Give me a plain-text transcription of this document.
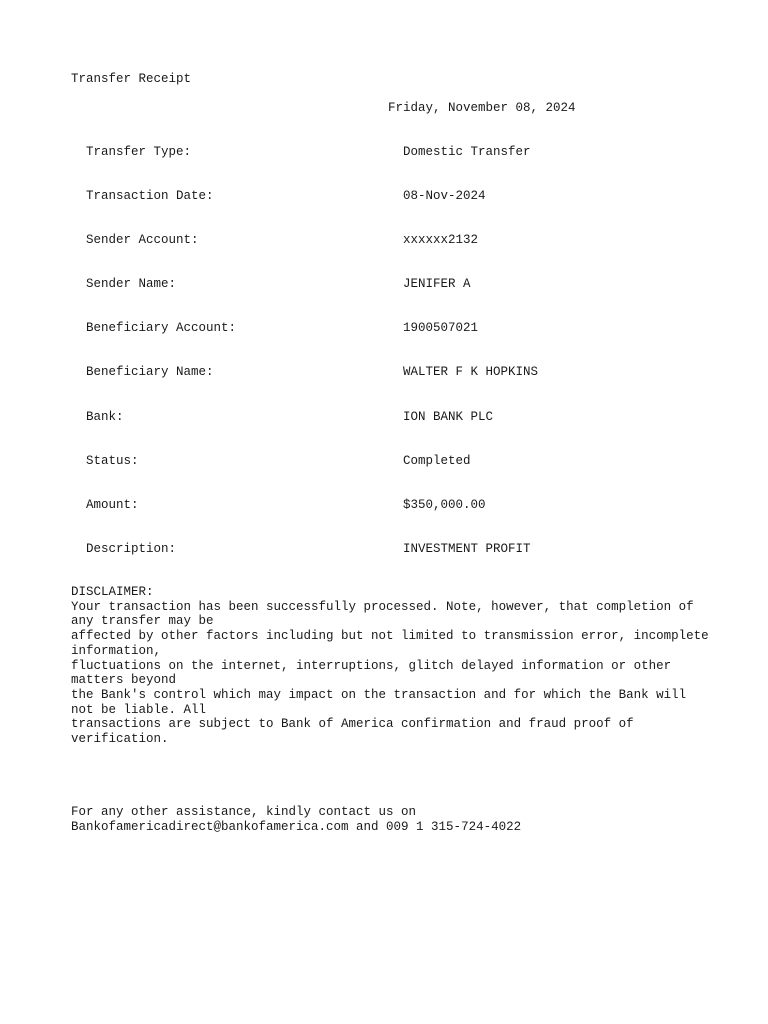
Transfer Receipt
Friday, November 08, 2024

Transfer Type:

	Domestic Transfer

Transaction Date:

	08-Nov-2024

Sender Account:

	xxxxxx2132

Sender Name:

	JENIFER A

Beneficiary Account:

	1900507021

Beneficiary Name:

	WALTER F K HOPKINS

Bank:

	ION BANK PLC

Status:

	Completed

Amount:

	$350,000.00

Description:

	INVESTMENT PROFIT

DISCLAIMER:
Your transaction has been successfully processed. Note, however, that completion of any transfer may be
affected by other factors including but not limited to transmission error, incomplete information,
fluctuations on the internet, interruptions, glitch delayed information or other matters beyond
the Bank's control which may impact on the transaction and for which the Bank will not be liable. All
transactions are subject to Bank of America confirmation and fraud proof of verification.
For any other assistance, kindly contact us on
Bankofamericadirect@bankofamerica.com and 009 1 315-724-4022
